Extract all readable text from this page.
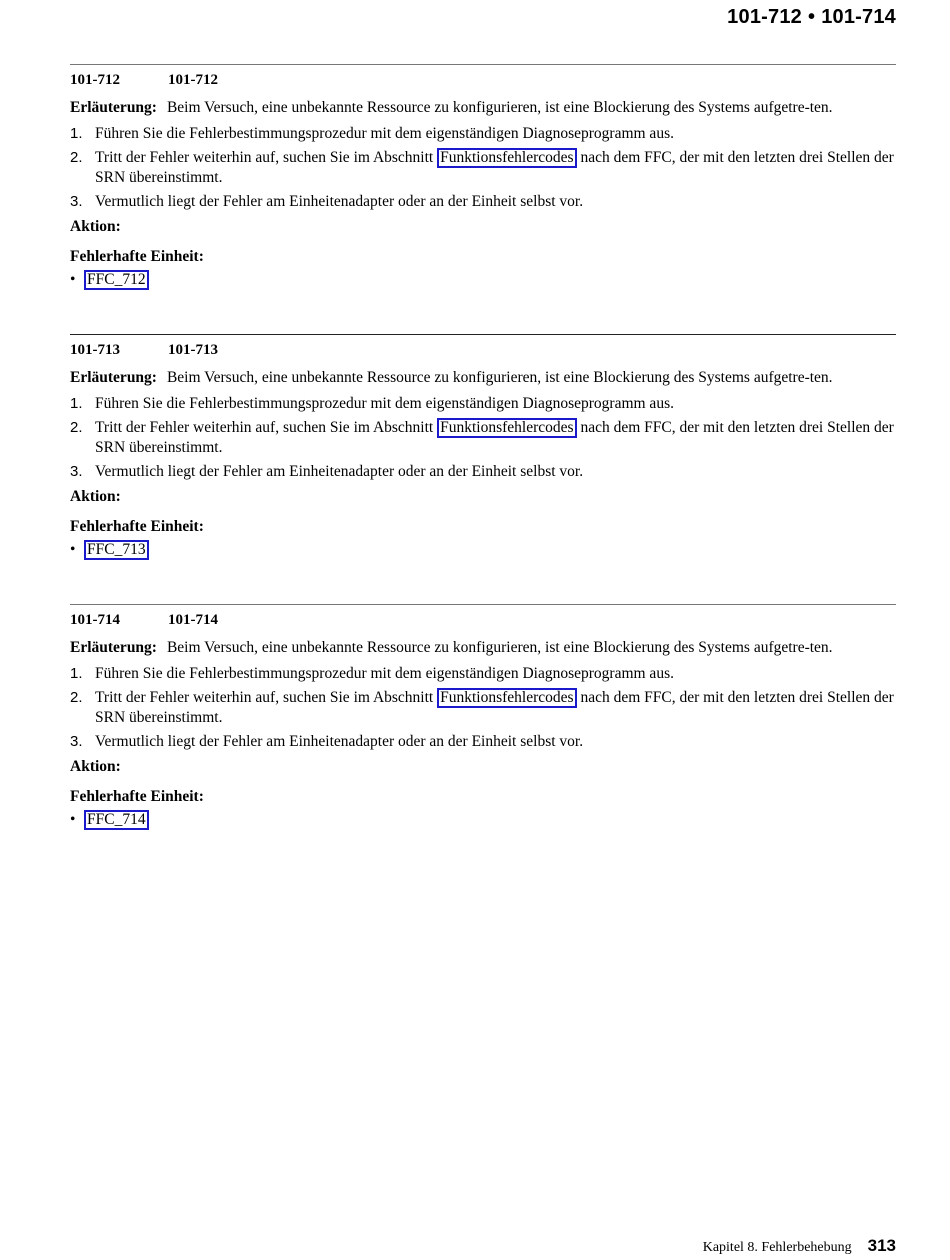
101-712 • 101-714
101-712	101-712
Erläuterung: Beim Versuch, eine unbekannte Ressource zu konfigurieren, ist eine Blockierung des Systems aufgetre-ten.
1. Führen Sie die Fehlerbestimmungsprozedur mit dem eigenständigen Diagnoseprogramm aus.
2. Tritt der Fehler weiterhin auf, suchen Sie im Abschnitt Funktionsfehlercodes nach dem FFC, der mit den letzten drei Stellen der SRN übereinstimmt.
3. Vermutlich liegt der Fehler am Einheitenadapter oder an der Einheit selbst vor.
Aktion:
Fehlerhafte Einheit:
• FFC_712
101-713	101-713
Erläuterung: Beim Versuch, eine unbekannte Ressource zu konfigurieren, ist eine Blockierung des Systems aufgetre-ten.
1. Führen Sie die Fehlerbestimmungsprozedur mit dem eigenständigen Diagnoseprogramm aus.
2. Tritt der Fehler weiterhin auf, suchen Sie im Abschnitt Funktionsfehlercodes nach dem FFC, der mit den letzten drei Stellen der SRN übereinstimmt.
3. Vermutlich liegt der Fehler am Einheitenadapter oder an der Einheit selbst vor.
Aktion:
Fehlerhafte Einheit:
• FFC_713
101-714	101-714
Erläuterung: Beim Versuch, eine unbekannte Ressource zu konfigurieren, ist eine Blockierung des Systems aufgetre-ten.
1. Führen Sie die Fehlerbestimmungsprozedur mit dem eigenständigen Diagnoseprogramm aus.
2. Tritt der Fehler weiterhin auf, suchen Sie im Abschnitt Funktionsfehlercodes nach dem FFC, der mit den letzten drei Stellen der SRN übereinstimmt.
3. Vermutlich liegt der Fehler am Einheitenadapter oder an der Einheit selbst vor.
Aktion:
Fehlerhafte Einheit:
• FFC_714
Kapitel 8. Fehlerbehebung 313
